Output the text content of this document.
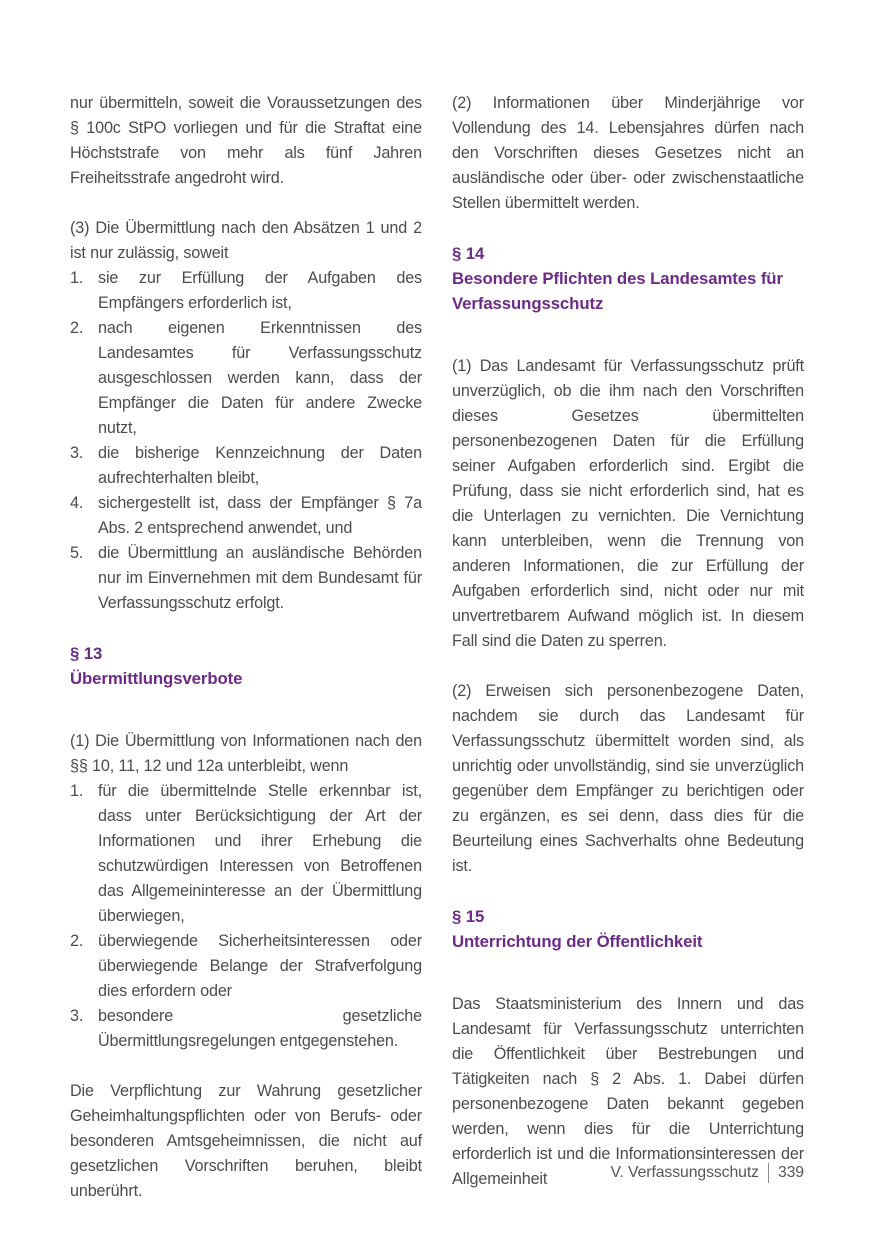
nur übermitteln, soweit die Voraussetzungen des § 100c StPO vorliegen und für die Straftat eine Höchststrafe von mehr als fünf Jahren Freiheitsstrafe angedroht wird.

(3) Die Übermittlung nach den Absätzen 1 und 2 ist nur zulässig, soweit

1. sie zur Erfüllung der Aufgaben des Empfängers erforderlich ist,
2. nach eigenen Erkenntnissen des Landesamtes für Verfassungsschutz ausgeschlossen werden kann, dass der Empfänger die Daten für andere Zwecke nutzt,
3. die bisherige Kennzeichnung der Daten aufrechterhalten bleibt,
4. sichergestellt ist, dass der Empfänger § 7a Abs. 2 entsprechend anwendet, und
5. die Übermittlung an ausländische Behörden nur im Einvernehmen mit dem Bundesamt für Verfassungsschutz erfolgt.
§ 13
Übermittlungsverbote

(1) Die Übermittlung von Informationen nach den §§ 10, 11, 12 und 12a unterbleibt, wenn

1. für die übermittelnde Stelle erkennbar ist, dass unter Berücksichtigung der Art der Informationen und ihrer Erhebung die schutzwürdigen Interessen von Betroffenen das Allgemeininteresse an der Übermittlung überwiegen,
2. überwiegende Sicherheitsinteressen oder überwiegende Belange der Strafverfolgung dies erfordern oder
3. besondere gesetzliche Übermittlungsregelungen entgegenstehen.

Die Verpflichtung zur Wahrung gesetzlicher Geheimhaltungspflichten oder von Berufs- oder besonderen Amtsgeheimnissen, die nicht auf gesetzlichen Vorschriften beruhen, bleibt unberührt.

(2) Informationen über Minderjährige vor Vollendung des 14. Lebensjahres dürfen nach den Vorschriften dieses Gesetzes nicht an ausländische oder über- oder zwischenstaatliche Stellen übermittelt werden.

§ 14
Besondere Pflichten des Landesamtes für Verfassungsschutz

(1) Das Landesamt für Verfassungsschutz prüft unverzüglich, ob die ihm nach den Vorschriften dieses Gesetzes übermittelten personenbezogenen Daten für die Erfüllung seiner Aufgaben erforderlich sind. Ergibt die Prüfung, dass sie nicht erforderlich sind, hat es die Unterlagen zu vernichten. Die Vernichtung kann unterbleiben, wenn die Trennung von anderen Informationen, die zur Erfüllung der Aufgaben erforderlich sind, nicht oder nur mit unvertretbarem Aufwand möglich ist. In diesem Fall sind die Daten zu sperren.

(2) Erweisen sich personenbezogene Daten, nachdem sie durch das Landesamt für Verfassungsschutz übermittelt worden sind, als unrichtig oder unvollständig, sind sie unverzüglich gegenüber dem Empfänger zu berichtigen oder zu ergänzen, es sei denn, dass dies für die Beurteilung eines Sachverhalts ohne Bedeutung ist.

§ 15
Unterrichtung der Öffentlichkeit

Das Staatsministerium des Innern und das Landesamt für Verfassungsschutz unterrichten die Öffentlichkeit über Bestrebungen und Tätigkeiten nach § 2 Abs. 1. Dabei dürfen personenbezogene Daten bekannt gegeben werden, wenn dies für die Unterrichtung erforderlich ist und die Informationsinteressen der Allgemeinheit	V. Verfassungsschutz 339
